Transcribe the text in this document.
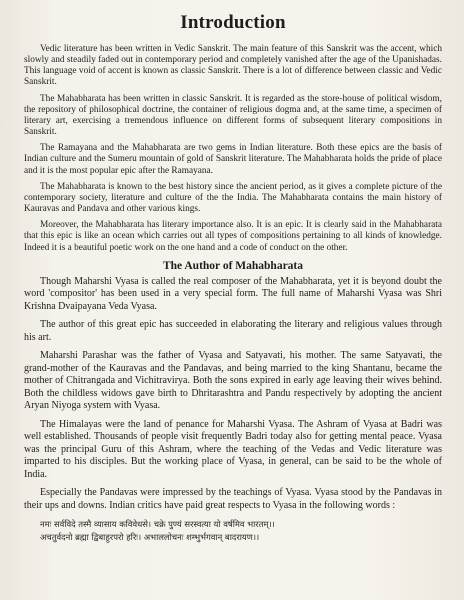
Introduction

Vedic literature has been written in Vedic Sanskrit. The main feature of this Sanskrit was the accent, which slowly and steadily faded out in contemporary period and completely vanished after the age of the Upanishadas. This language void of accent is known as classic Sanskrit. There is a lot of difference between classic and Vedic Sanskrit.

The Mahabharata has been written in classic Sanskrit. It is regarded as the store-house of political wisdom, the repository of philosophical doctrine, the container of religious dogma and, at the same time, a specimen of literary art, exercising a tremendous influence on different forms of subsequent literary compositions in Sanskrit.

The Ramayana and the Mahabharata are two gems in Indian literature. Both these epics are the basis of Indian culture and the Sumeru mountain of gold of Sanskrit literature. The Mahabharata holds the pride of place and it is the most popular epic after the Ramayana.

The Mahabharata is known to the best history since the ancient period, as it gives a complete picture of the contemporary society, literature and culture of the the India. The Mahabharata contains the main history of Kauravas and Pandava and other various kings.

Moreover, the Mahabharata has literary importance also. It is an epic. It is clearly said in the Mahabharata that this epic is like an ocean which carries out all types of compositions pertaining to all kinds of knowledge. Indeed it is a beautiful poetic work on the one hand and a code of conduct on the other.

The Author of Mahabharata

Though Maharshi Vyasa is called the real composer of the Mahabharata, yet it is beyond doubt the word 'compositor' has been used in a very special form. The full name of Maharshi Vyasa was Shri Krishna Dvaipayana Veda Vyasa.

The author of this great epic has succeeded in elaborating the literary and religious values through his art.

Maharshi Parashar was the father of Vyasa and Satyavati, his mother. The same Satyavati, the grand-mother of the Kauravas and the Pandavas, and being married to the king Shantanu, became the mother of Chitrangada and Vichitravirya. Both the sons expired in early age leaving their wives behind. Both the childless widows gave birth to Dhritarashtra and Pandu respectively by adopting the ancient Aryan Niyoga system with Vyasa.

The Himalayas were the land of penance for Maharshi Vyasa. The Ashram of Vyasa at Badri was well established. Thousands of people visit frequently Badri today also for getting mental peace. Vyasa was the principal Guru of this Ashram, where the teaching of the Vedas and Vedic literature was imparted to his disciples. But the working place of Vyasa, in general, can be said to be the whole of India.

Especially the Pandavas were impressed by the teachings of Vyasa. Vyasa stood by the Pandavas in their ups and downs. Indian critics have paid great respects to Vyasa in the following words :

नमः सर्वविदे तस्मै व्यासाय कविवेधसे। चक्रे पुण्यं सरस्वत्या यो वर्षमिव भारतम्।।
अचतुर्वदनो ब्रह्मा द्विबाहुरपरो हरिः। अभाललोचनः शम्भुर्भगवान् बादरायण।।
